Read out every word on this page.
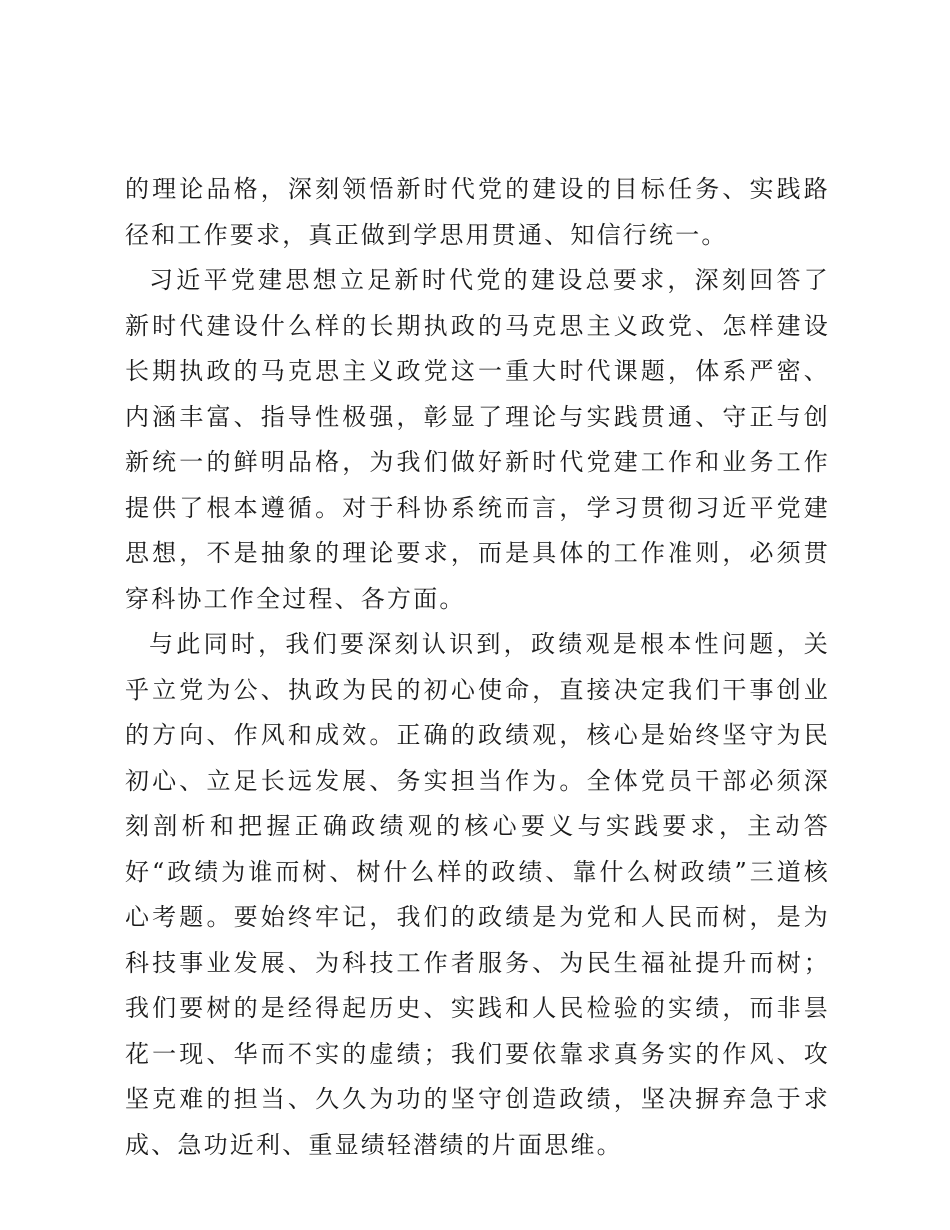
的理论品格，深刻领悟新时代党的建设的目标任务、实践路径和工作要求，真正做到学思用贯通、知信行统一。

习近平党建思想立足新时代党的建设总要求，深刻回答了新时代建设什么样的长期执政的马克思主义政党、怎样建设长期执政的马克思主义政党这一重大时代课题，体系严密、内涵丰富、指导性极强，彰显了理论与实践贯通、守正与创新统一的鲜明品格，为我们做好新时代党建工作和业务工作提供了根本遵循。对于科协系统而言，学习贯彻习近平党建思想，不是抽象的理论要求，而是具体的工作准则，必须贯穿科协工作全过程、各方面。

与此同时，我们要深刻认识到，政绩观是根本性问题，关乎立党为公、执政为民的初心使命，直接决定我们干事创业的方向、作风和成效。正确的政绩观，核心是始终坚守为民初心、立足长远发展、务实担当作为。全体党员干部必须深刻剖析和把握正确政绩观的核心要义与实践要求，主动答好“政绩为谁而树、树什么样的政绩、靠什么树政绩”三道核心考题。要始终牢记，我们的政绩是为党和人民而树，是为科技事业发展、为科技工作者服务、为民生福祉提升而树；我们要树的是经得起历史、实践和人民检验的实绩，而非昙花一现、华而不实的虚绩；我们要依靠求真务实的作风、攻坚克难的担当、久久为功的坚守创造政绩，坚决摒弃急于求成、急功近利、重显绩轻潜绩的片面思维。
